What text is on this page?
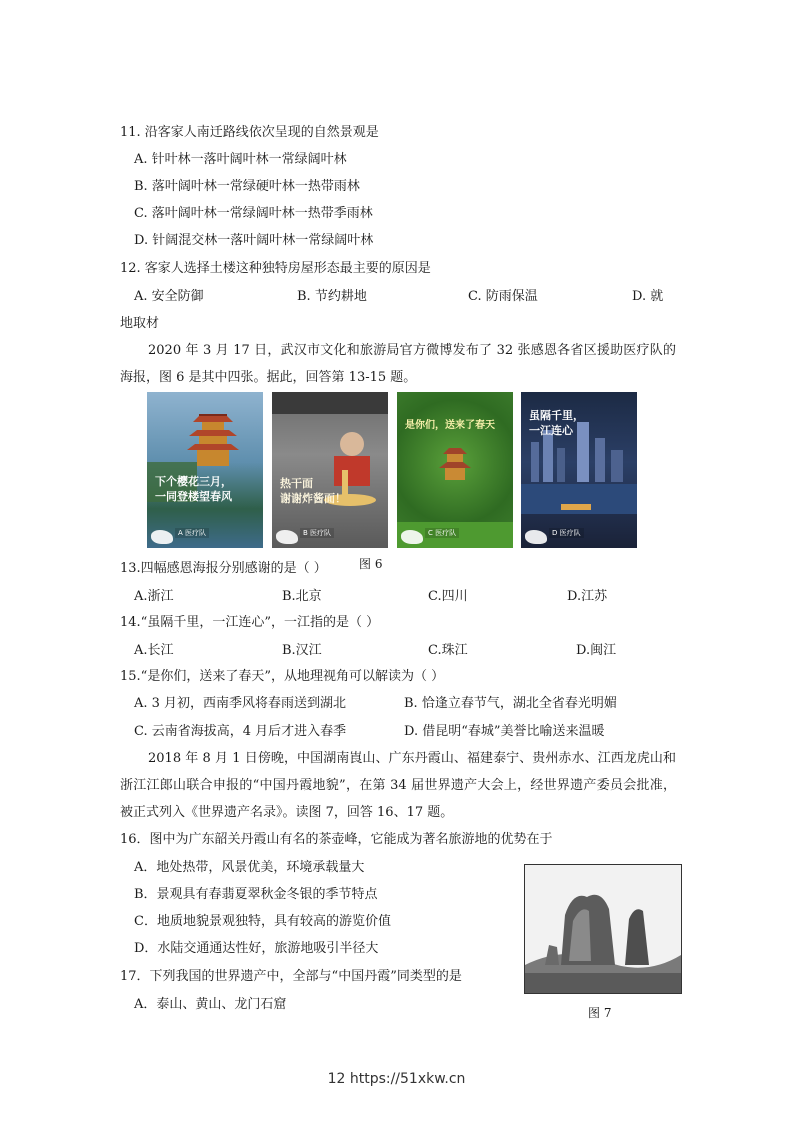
11. 沿客家人南迁路线依次呈现的自然景观是
A. 针叶林一落叶阔叶林一常绿阔叶林
B. 落叶阔叶林一常绿硬叶林一热带雨林
C. 落叶阔叶林一常绿阔叶林一热带季雨林
D. 针阔混交林一落叶阔叶林一常绿阔叶林
12. 客家人选择土楼这种独特房屋形态最主要的原因是
A. 安全防御	B. 节约耕地	C. 防雨保温	D. 就
地取材
2020 年 3 月 17 日，武汉市文化和旅游局官方微博发布了 32 张感恩各省区援助医疗队的海报，图 6 是其中四张。据此，回答第 13-15 题。
下个樱花三月，
一同登楼望春风
A 医疗队
热干面
谢谢炸酱面！
B 医疗队
是你们，送来了春天
C 医疗队
虽隔千里，
一江连心
D 医疗队
图 6
13.四幅感恩海报分别感谢的是（ ）
A.浙江	B.北京	C.四川	D.江苏
14.“虽隔千里，一江连心”，一江指的是（ ）
A.长江	B.汉江	C.珠江	D.闽江
15.“是你们，送来了春天”，从地理视角可以解读为（ ）
A. 3 月初，西南季风将春雨送到湖北	B. 恰逢立春节气，湖北全省春光明媚
C. 云南省海拔高，4 月后才进入春季	D. 借昆明“春城”美誉比喻送来温暖
2018 年 8 月 1 日傍晚，中国湖南崀山、广东丹霞山、福建泰宁、贵州赤水、江西龙虎山和浙江江郎山联合申报的“中国丹霞地貌”，在第 34 届世界遗产大会上，经世界遗产委员会批准，被正式列入《世界遗产名录》。读图 7，回答 16、17 题。
16．图中为广东韶关丹霞山有名的茶壶峰，它能成为著名旅游地的优势在于
A．地处热带，风景优美，环境承载量大
B．景观具有春翡夏翠秋金冬银的季节特点
C．地质地貌景观独特，具有较高的游览价值
D．水陆交通通达性好，旅游地吸引半径大
17．下列我国的世界遗产中，全部与“中国丹霞”同类型的是
A．泰山、黄山、龙门石窟
图 7
12 https://51xkw.cn
